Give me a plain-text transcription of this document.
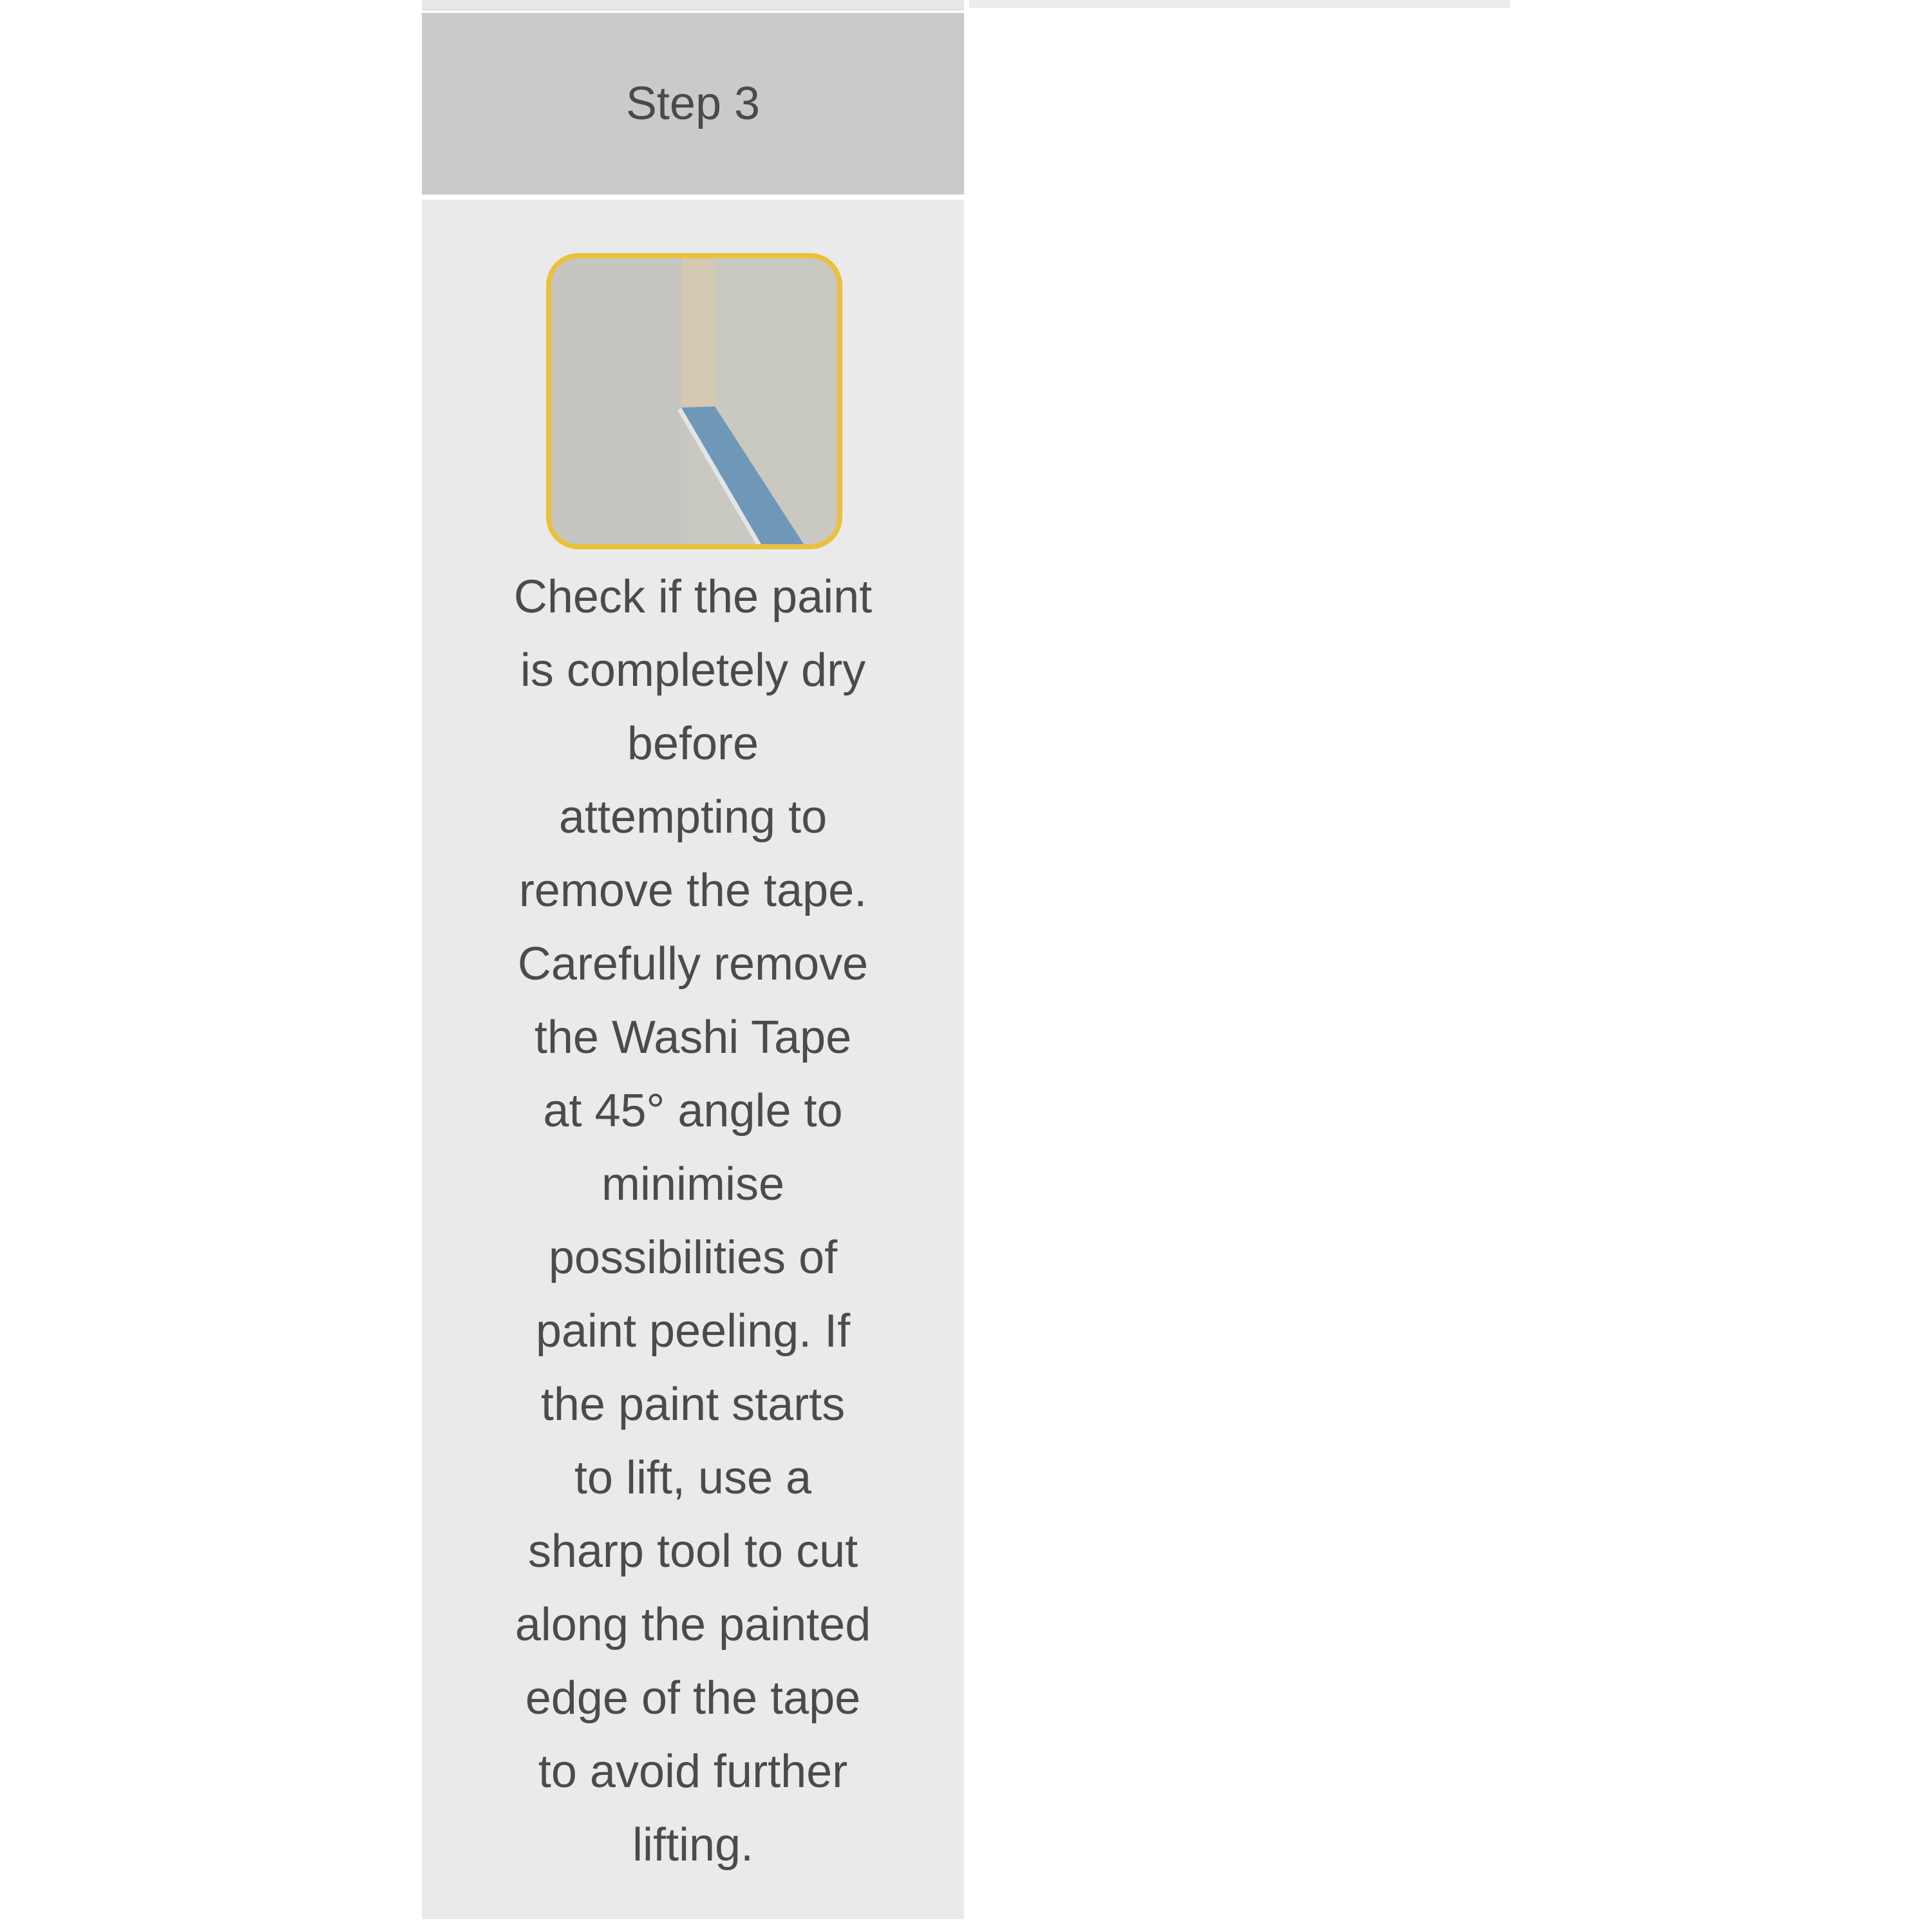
Step 3
Check if the paint
is completely dry
before
attempting to
remove the tape.
Carefully remove
the Washi Tape
at 45° angle to
minimise
possibilities of
paint peeling. If
the paint starts
to lift, use a
sharp tool to cut
along the painted
edge of the tape
to avoid further
lifting.
